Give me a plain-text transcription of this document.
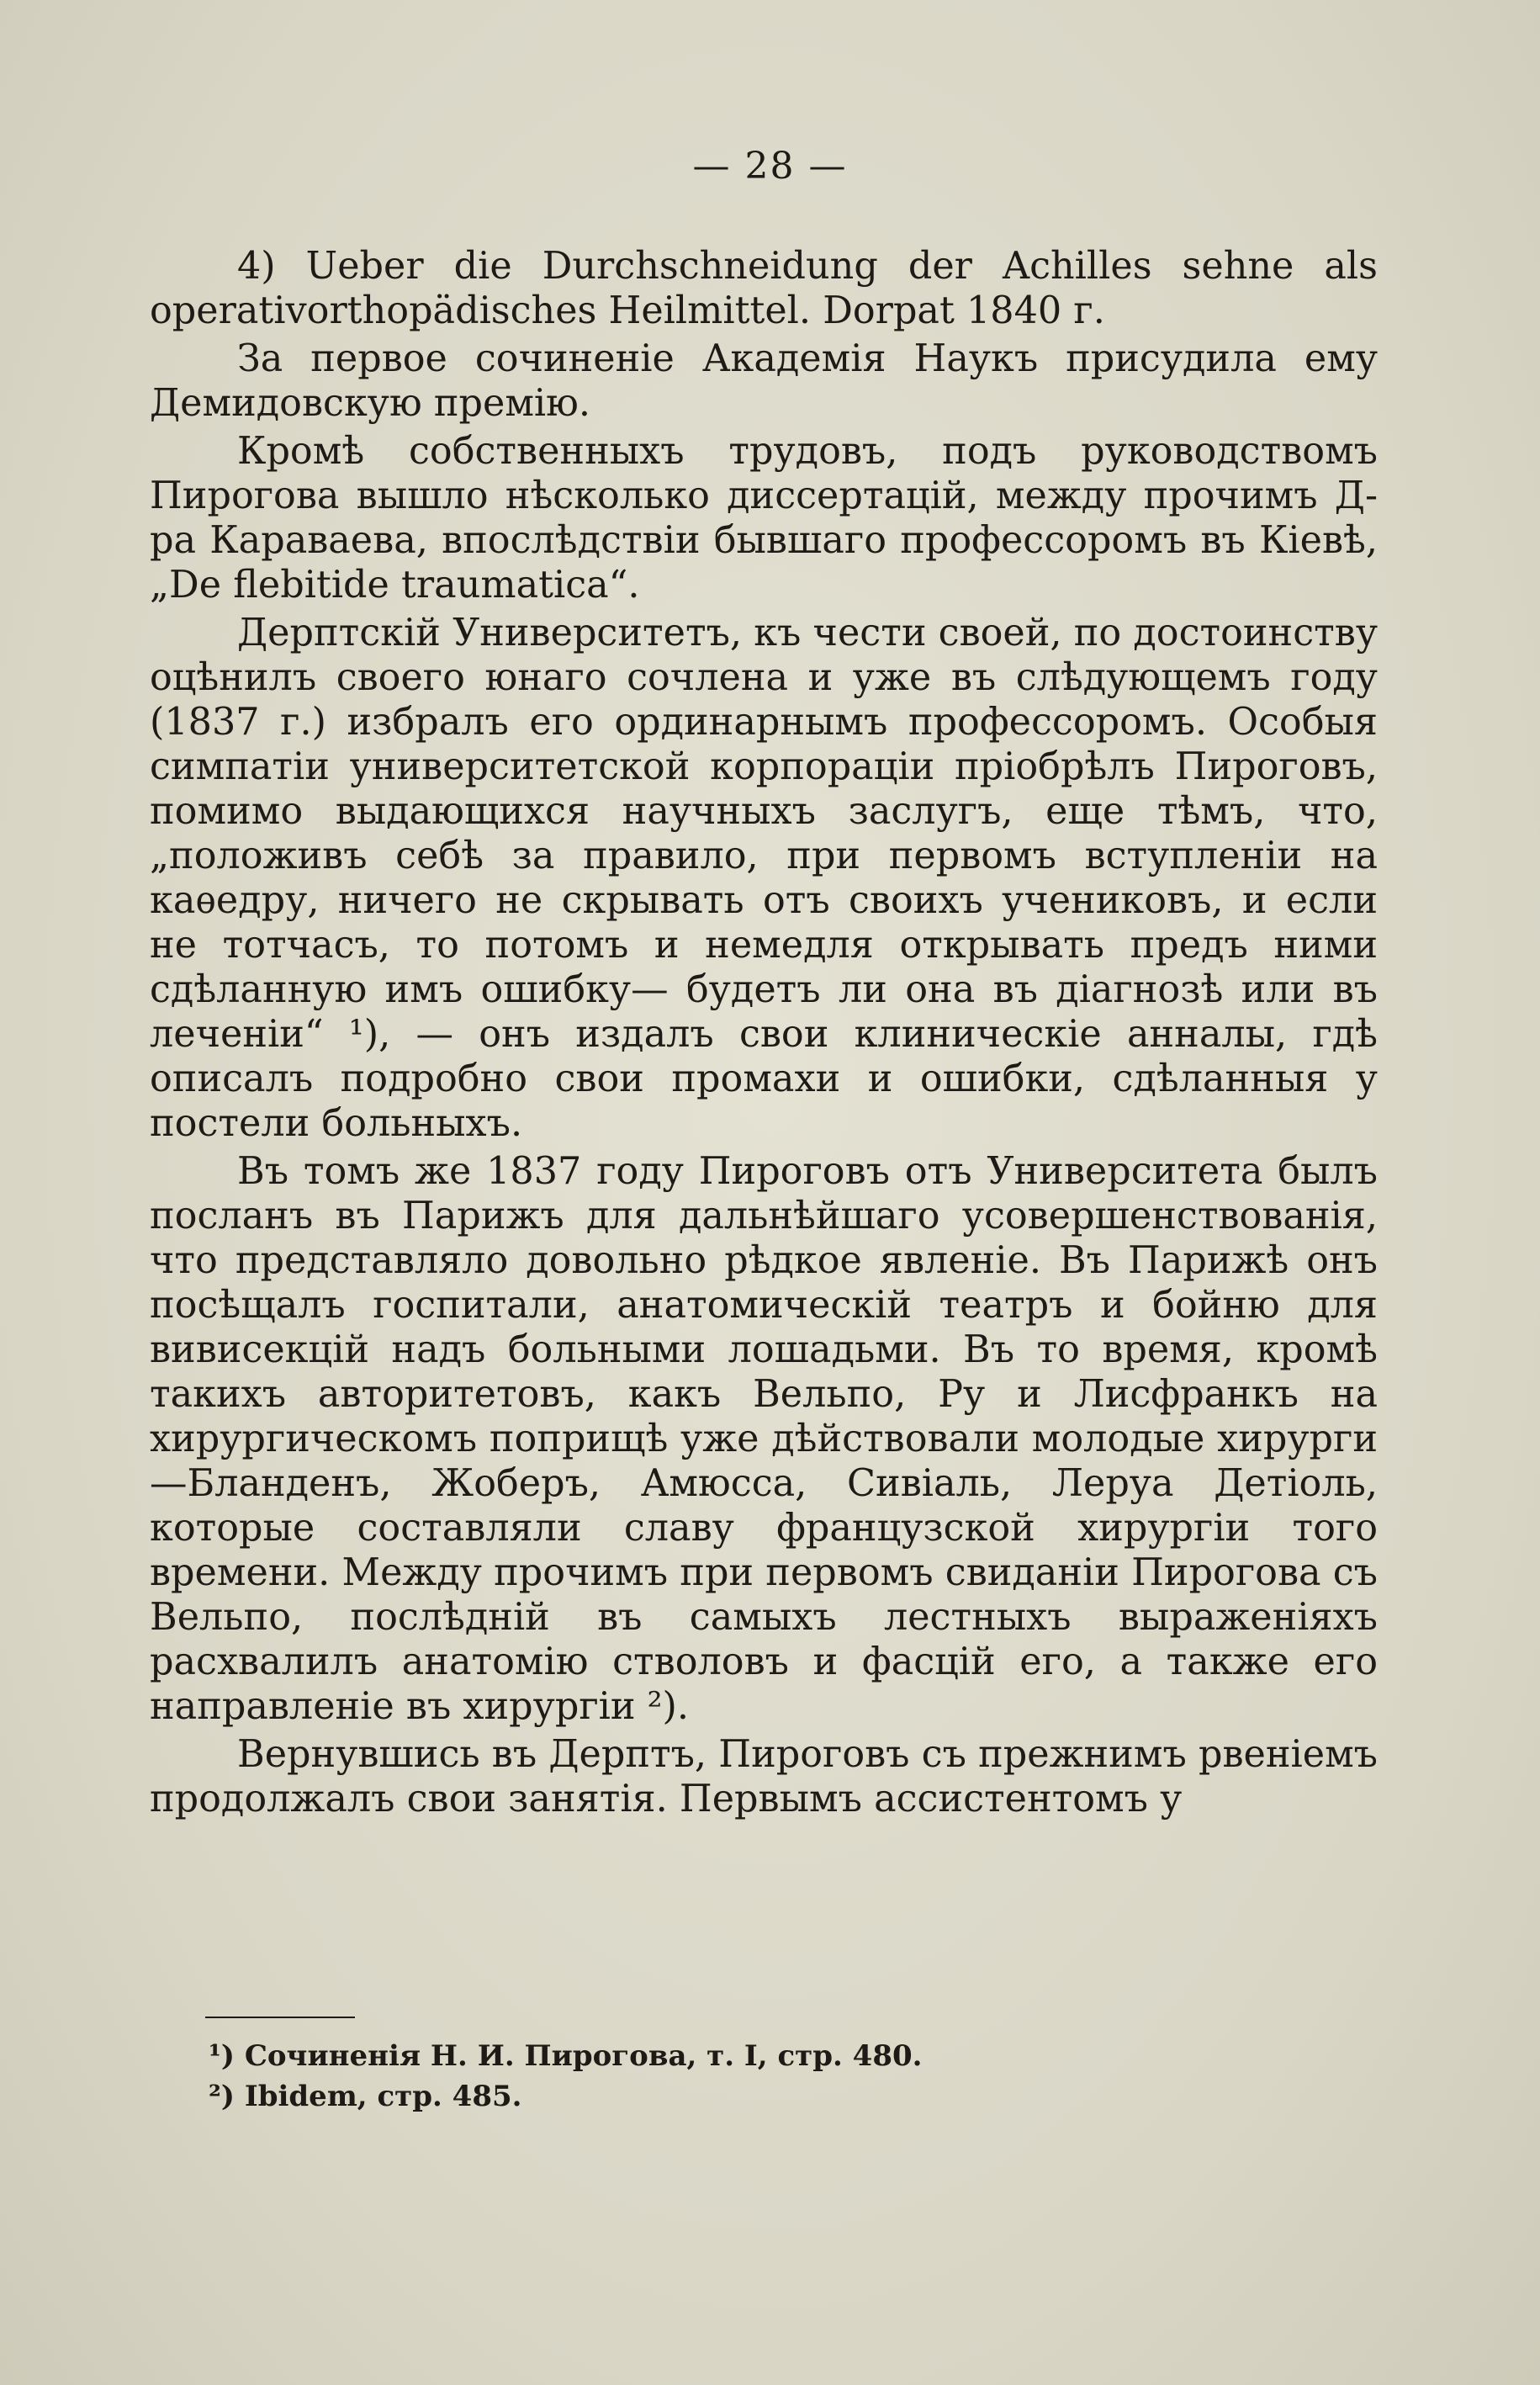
— 28 —

4) Ueber die Durchschneidung der Achilles sehne als operativorthopädisches Heilmittel. Dorpat 1840 г.

За первое сочиненіе Академія Наукъ присудила ему Демидовскую премію.

Кромѣ собственныхъ трудовъ, подъ руководствомъ Пирогова вышло нѣсколько диссертацій, между прочимъ Д-ра Караваева, впослѣдствіи бывшаго профессоромъ въ Кіевѣ, „De flebitide traumatica“.

Дерптскій Университетъ, къ чести своей, по достоинству оцѣнилъ своего юнаго сочлена и уже въ слѣдующемъ году (1837 г.) избралъ его ординарнымъ профессоромъ. Особыя симпатіи университетской корпораціи пріобрѣлъ Пироговъ, помимо выдающихся научныхъ заслугъ, еще тѣмъ, что, „положивъ себѣ за правило, при первомъ вступленіи на каѳедру, ничего не скрывать отъ своихъ учениковъ, и если не тотчасъ, то потомъ и немедля открывать предъ ними сдѣланную имъ ошибку— будетъ ли она въ діагнозѣ или въ леченіи“ ¹), — онъ издалъ свои клиническіе анналы, гдѣ описалъ подробно свои промахи и ошибки, сдѣланныя у постели больныхъ.

Въ томъ же 1837 году Пироговъ отъ Университета былъ посланъ въ Парижъ для дальнѣйшаго усовершенствованія, что представляло довольно рѣдкое явленіе. Въ Парижѣ онъ посѣщалъ госпитали, анатомическій театръ и бойню для вивисекцій надъ больными лошадьми. Въ то время, кромѣ такихъ авторитетовъ, какъ Вельпо, Ру и Лисфранкъ на хирургическомъ поприщѣ уже дѣйствовали молодые хирурги—Бланденъ, Жоберъ, Амюсса, Сивіаль, Леруа Детіоль, которые составляли славу французской хирургіи того времени. Между прочимъ при первомъ свиданіи Пирогова съ Вельпо, послѣдній въ самыхъ лестныхъ выраженіяхъ расхвалилъ анатомію стволовъ и фасцій его, а также его направленіе въ хирургіи ²).

Вернувшись въ Дерптъ, Пироговъ съ прежнимъ рвеніемъ продолжалъ свои занятія. Первымъ ассистентомъ у

¹) Сочиненія Н. И. Пирогова, т. I, стр. 480.
²) Ibidem, стр. 485.
